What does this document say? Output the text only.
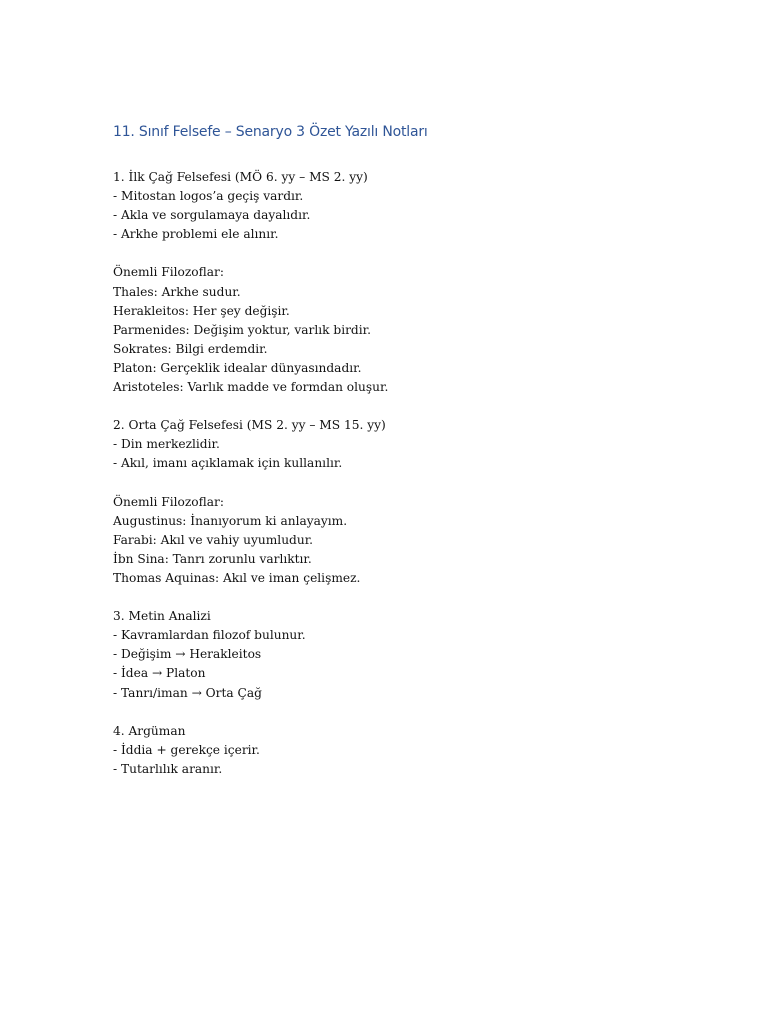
11. Sınıf Felsefe – Senaryo 3 Özet Yazılı Notları
1. İlk Çağ Felsefesi (MÖ 6. yy – MS 2. yy)
- Mitostan logos’a geçiş vardır.
- Akla ve sorgulamaya dayalıdır.
- Arkhe problemi ele alınır.
Önemli Filozoflar:
Thales: Arkhe sudur.
Herakleitos: Her şey değişir.
Parmenides: Değişim yoktur, varlık birdir.
Sokrates: Bilgi erdemdir.
Platon: Gerçeklik idealar dünyasındadır.
Aristoteles: Varlık madde ve formdan oluşur.
2. Orta Çağ Felsefesi (MS 2. yy – MS 15. yy)
- Din merkezlidir.
- Akıl, imanı açıklamak için kullanılır.
Önemli Filozoflar:
Augustinus: İnanıyorum ki anlayayım.
Farabi: Akıl ve vahiy uyumludur.
İbn Sina: Tanrı zorunlu varlıktır.
Thomas Aquinas: Akıl ve iman çelişmez.
3. Metin Analizi
- Kavramlardan filozof bulunur.
- Değişim → Herakleitos
- İdea → Platon
- Tanrı/iman → Orta Çağ
4. Argüman
- İddia + gerekçe içerir.
- Tutarlılık aranır.
